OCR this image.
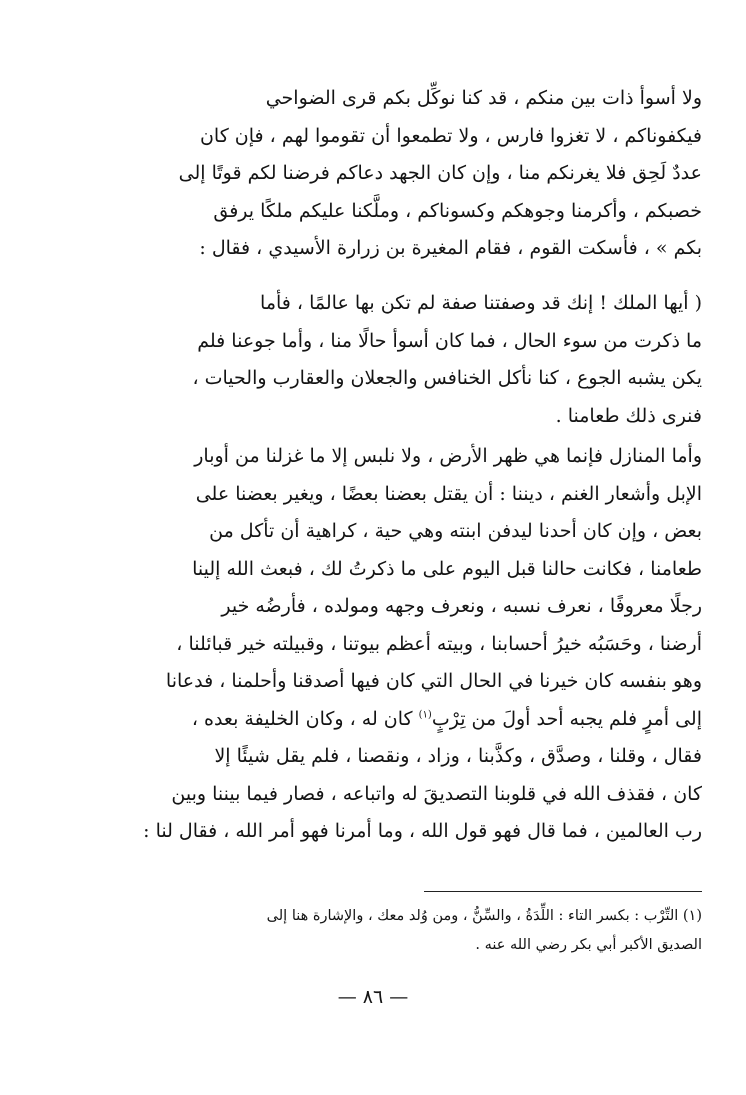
ولا أسوأ ذات بين منكم ، قد كنا نوكِّل بكم قرى الضواحي
فيكفوناكم ، لا تغزوا فارس ، ولا تطمعوا أن تقوموا لهم ، فإن كان
عددٌ لَحِق فلا يغرنكم منا ، وإن كان الجهد دعاكم فرضنا لكم قوتًا إلى
خصبكم ، وأكرمنا وجوهكم وكسوناكم ، وملَّكنا عليكم ملكًا يرفق
بكم » ، فأسكت القوم ، فقام المغيرة بن زرارة الأسيدي ، فقال :
( أيها الملك ! إنك قد وصفتنا صفة لم تكن بها عالمًا ، فأما
ما ذكرت من سوء الحال ، فما كان أسوأ حالًا منا ، وأما جوعنا فلم
يكن يشبه الجوع ، كنا نأكل الخنافس والجعلان والعقارب والحيات ،
فنرى ذلك طعامنا .
وأما المنازل فإنما هي ظهر الأرض ، ولا نلبس إلا ما غزلنا من أوبار
الإبل وأشعار الغنم ، ديننا : أن يقتل بعضنا بعضًا ، ويغير بعضنا على
بعض ، وإن كان أحدنا ليدفن ابنته وهي حية ، كراهية أن تأكل من
طعامنا ، فكانت حالنا قبل اليوم على ما ذكرتُ لك ، فبعث الله إلينا
رجلًا معروفًا ، نعرف نسبه ، ونعرف وجهه ومولده ، فأرضُه خير
أرضنا ، وحَسَبُه خيرُ أحسابنا ، وبيته أعظم بيوتنا ، وقبيلته خير قبائلنا ،
وهو بنفسه كان خيرنا في الحال التي كان فيها أصدقنا وأحلمنا ، فدعانا
إلى أمرٍ فلم يجبه أحد أولَ من تِرْبٍ$^{(١)}$ كان له ، وكان الخليفة بعده ،
فقال ، وقلنا ، وصدَّق ، وكذَّبنا ، وزاد ، ونقصنا ، فلم يقل شيئًا إلا
كان ، فقذف الله في قلوبنا التصديقَ له واتباعه ، فصار فيما بيننا وبين
رب العالمين ، فما قال فهو قول الله ، وما أمرنا فهو أمر الله ، فقال لنا :
(١) التِّرْب : بكسر التاء : اللِّدَةُ ، والسِّنُّ ، ومن وُلد معك ، والإشارة هنا إلى
الصديق الأكبر أبي بكر رضي الله عنه .
— ٨٦ —
